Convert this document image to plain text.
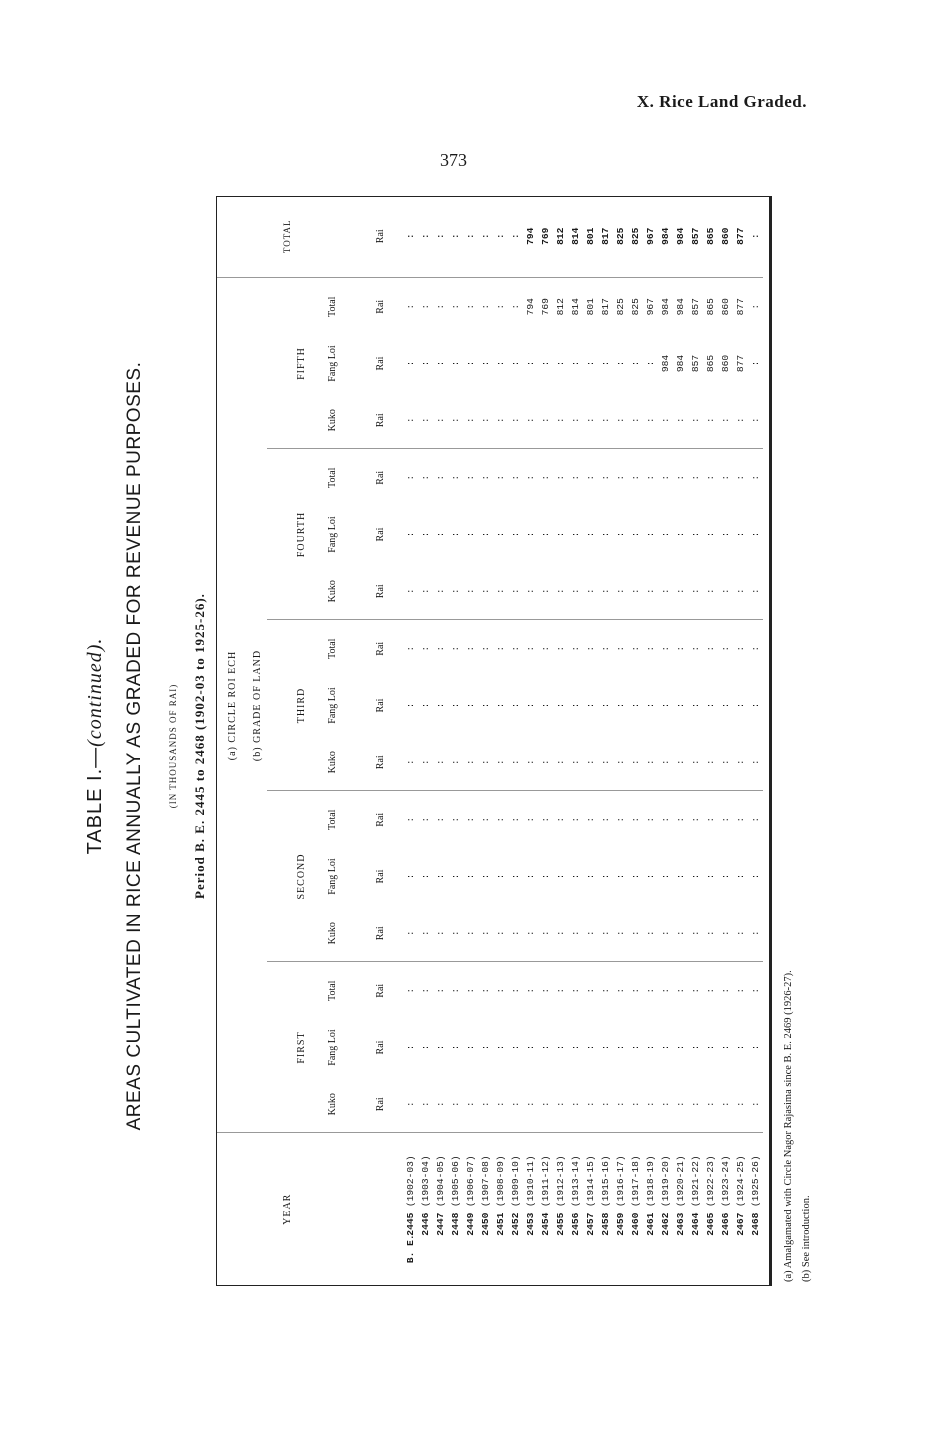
X. Rice Land Graded.
373
TABLE I.—(continued). AREAS CULTIVATED IN RICE ANNUALLY AS GRADED FOR REVENUE PURPOSES.	(IN THOUSANDS OF RAI) Period B. E. 2445 to 2468 (1902-03 to 1925-26).
YEAR	(a) CIRCLE ROI ECH															TOTAL
	(b) GRADE OF LAND															
	FIRST			SECOND			THIRD			FOURTH			FIFTH			
	Kuko	Fang Loi	Total	Kuko	Fang Loi	Total	Kuko	Fang Loi	Total	Kuko	Fang Loi	Total	Kuko	Fang Loi	Total	
	Rai	Rai	Rai	Rai	Rai	Rai	Rai	Rai	Rai	Rai	Rai	Rai	Rai	Rai	Rai	Rai
B. E.2445(1902-03)	:	:	:	:	:	:	:	:	:	:	:	:	:	:	:	:
2446(1903-04)	:	:	:	:	:	:	:	:	:	:	:	:	:	:	:	:
2447(1904-05)	:	:	:	:	:	:	:	:	:	:	:	:	:	:	:	:
2448(1905-06)	:	:	:	:	:	:	:	:	:	:	:	:	:	:	:	:
2449(1906-07)	:	:	:	:	:	:	:	:	:	:	:	:	:	:	:	:
2450(1907-08)	:	:	:	:	:	:	:	:	:	:	:	:	:	:	:	:
2451(1908-09)	:	:	:	:	:	:	:	:	:	:	:	:	:	:	:	:
2452(1909-10)	:	:	:	:	:	:	:	:	:	:	:	:	:	:	:	:
2453(1910-11)	:	:	:	:	:	:	:	:	:	:	:	:	:	:	794	794
2454(1911-12)	:	:	:	:	:	:	:	:	:	:	:	:	:	:	769	769
2455(1912-13)	:	:	:	:	:	:	:	:	:	:	:	:	:	:	812	812
2456(1913-14)	:	:	:	:	:	:	:	:	:	:	:	:	:	:	814	814
2457(1914-15)	:	:	:	:	:	:	:	:	:	:	:	:	:	:	801	801
2458(1915-16)	:	:	:	:	:	:	:	:	:	:	:	:	:	:	817	817
2459(1916-17)	:	:	:	:	:	:	:	:	:	:	:	:	:	:	825	825
2460(1917-18)	:	:	:	:	:	:	:	:	:	:	:	:	:	:	825	825
2461(1918-19)	:	:	:	:	:	:	:	:	:	:	:	:	:	:	967	967
2462(1919-20)	:	:	:	:	:	:	:	:	:	:	:	:	:	984	984	984
2463(1920-21)	:	:	:	:	:	:	:	:	:	:	:	:	:	984	984	984
2464(1921-22)	:	:	:	:	:	:	:	:	:	:	:	:	:	857	857	857
2465(1922-23)	:	:	:	:	:	:	:	:	:	:	:	:	:	865	865	865
2466(1923-24)	:	:	:	:	:	:	:	:	:	:	:	:	:	860	860	860
2467(1924-25)	:	:	:	:	:	:	:	:	:	:	:	:	:	877	877	877
2468(1925-26)	:	:	:	:	:	:	:	:	:	:	:	:	:	:	:	:
(a) Amalgamated with Circle Nagor Rajasima since B. E. 2469 (1926-27). (b) See introduction.
